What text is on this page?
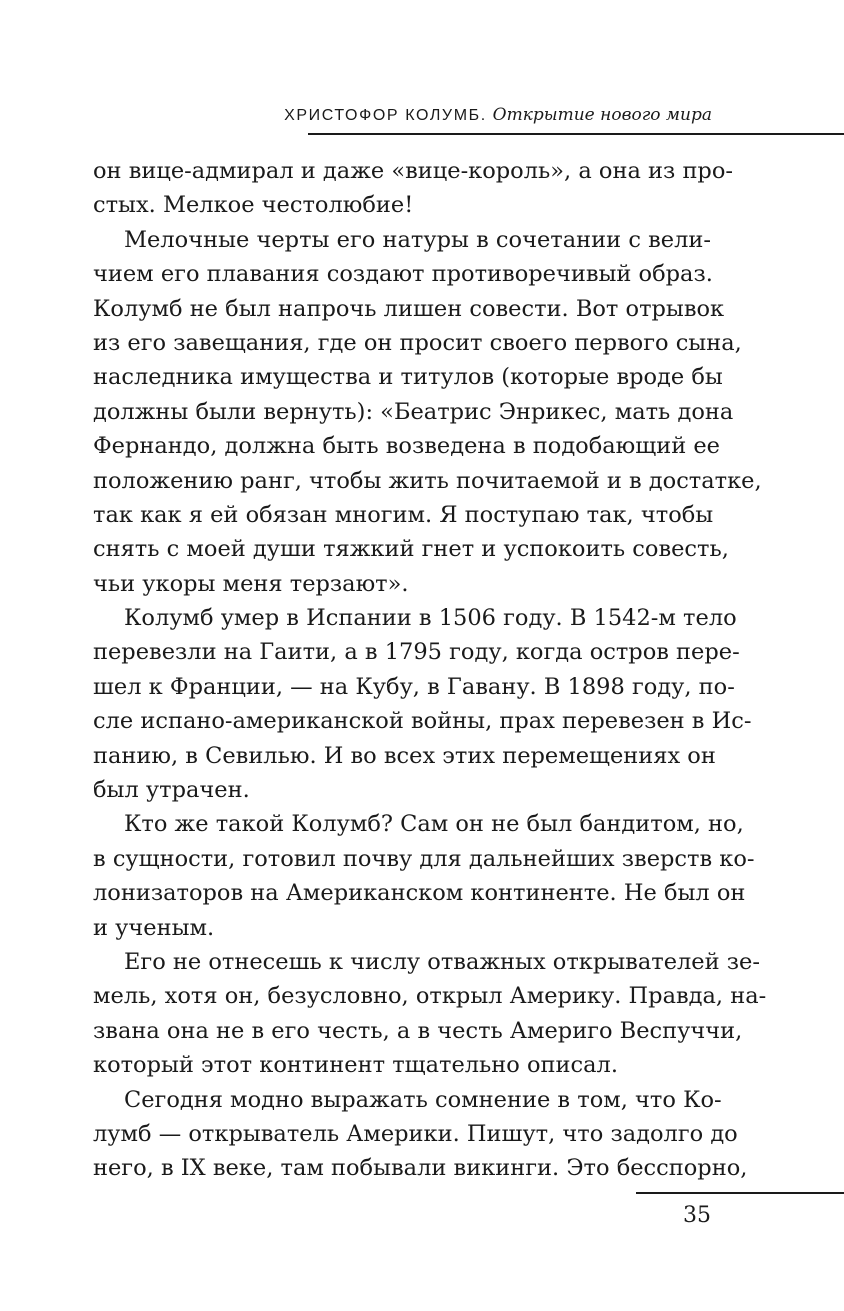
ХРИСТОФОР КОЛУМБ. Открытие нового мира
он вице-адмирал и даже «вице-король», а она из про-
стых. Мелкое честолюбие!
Мелочные черты его натуры в сочетании с вели-
чием его плавания создают противоречивый образ.
Колумб не был напрочь лишен совести. Вот отрывок
из его завещания, где он просит своего первого сына,
наследника имущества и титулов (которые вроде бы
должны были вернуть): «Беатрис Энрикес, мать дона
Фернандо, должна быть возведена в подобающий ее
положению ранг, чтобы жить почитаемой и в достатке,
так как я ей обязан многим. Я поступаю так, чтобы
снять с моей души тяжкий гнет и успокоить совесть,
чьи укоры меня терзают».
Колумб умер в Испании в 1506 году. В 1542-м тело
перевезли на Гаити, а в 1795 году, когда остров пере-
шел к Франции, — на Кубу, в Гавану. В 1898 году, по-
сле испано-американской войны, прах перевезен в Ис-
панию, в Севилью. И во всех этих перемещениях он
был утрачен.
Кто же такой Колумб? Сам он не был бандитом, но,
в сущности, готовил почву для дальнейших зверств ко-
лонизаторов на Американском континенте. Не был он
и ученым.
Его не отнесешь к числу отважных открывателей зе-
мель, хотя он, безусловно, открыл Америку. Правда, на-
звана она не в его честь, а в честь Америго Веспуччи,
который этот континент тщательно описал.
Сегодня модно выражать сомнение в том, что Ко-
лумб — открыватель Америки. Пишут, что задолго до
него, в IX веке, там побывали викинги. Это бесспорно,
35
